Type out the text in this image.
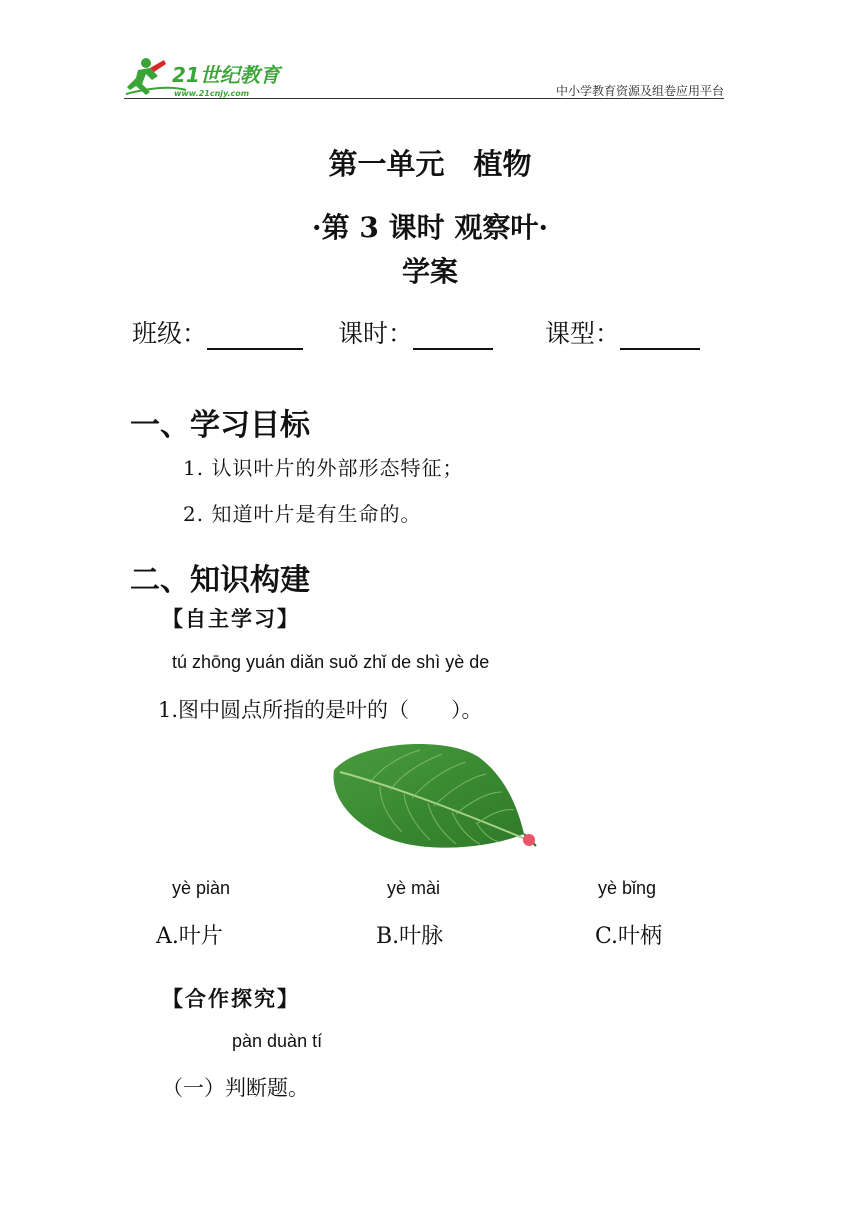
21世纪教育
www.21cnjy.com	中小学教育资源及组卷应用平台
第一单元　植物
·第 3 课时 观察叶·
学案
班级：	课时：	课型：
一、学习目标
1. 认识叶片的外部形态特征；
2. 知道叶片是有生命的。
二、知识构建
【自主学习】
tú zhōng yuán diǎn suǒ zhǐ de shì yè de
1.图中圆点所指的是叶的（　　）。
yè piàn	yè mài	yè bǐng
A.叶片	B.叶脉	C.叶柄
【合作探究】
pàn duàn tí
（一）判断题。
